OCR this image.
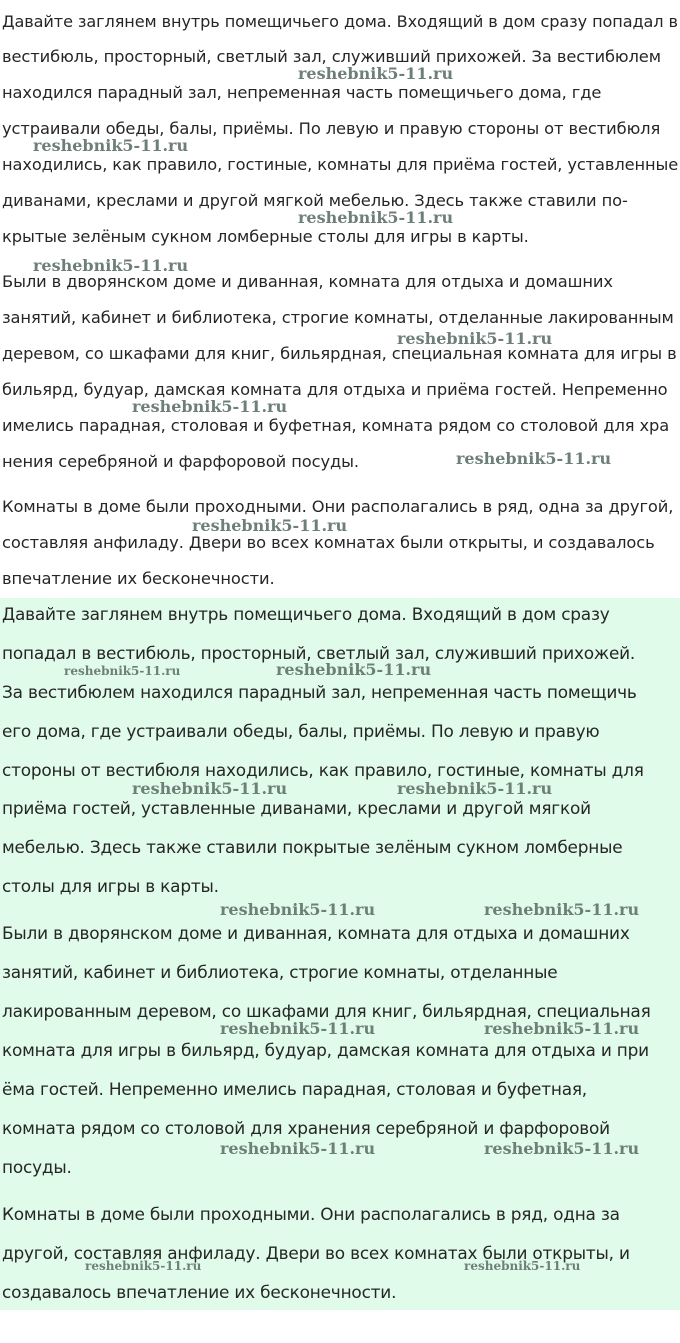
Давайте заглянем внутрь помещичьего дома. Входящий в дом сразу попадал в
вестибюль, просторный, светлый зал, служивший прихожей. За вестибюлем
находился парадный зал, непременная часть помещичьего дома, где
устраивали обеды, балы, приёмы. По левую и правую стороны от вестибюля
находились, как правило, гостиные, комнаты для приёма гостей, уставленные
диванами, креслами и другой мягкой мебелью. Здесь также ставили по-
крытые зелёным сукном ломберные столы для игры в карты.
Были в дворянском доме и диванная, комната для отдыха и домашних
занятий, кабинет и библиотека, строгие комнаты, отделанные лакированным
деревом, со шкафами для книг, бильярдная, специальная комната для игры в
бильярд, будуар, дамская комната для отдыха и приёма гостей. Непременно
имелись парадная, столовая и буфетная, комната рядом со столовой для хра
нения серебряной и фарфоровой посуды.
Комнаты в доме были проходными. Они располагались в ряд, одна за другой,
составляя анфиладу. Двери во всех комнатах были открыты, и создавалось
впечатление их бесконечности.
reshebnik5-11.ru
reshebnik5-11.ru
reshebnik5-11.ru
reshebnik5-11.ru
reshebnik5-11.ru
reshebnik5-11.ru
reshebnik5-11.ru
reshebnik5-11.ru
Давайте заглянем внутрь помещичьего дома. Входящий в дом сразу
попадал в вестибюль, просторный, светлый зал, служивший прихожей.
За вестибюлем находился парадный зал, непременная часть помещичь
его дома, где устраивали обеды, балы, приёмы. По левую и правую
стороны от вестибюля находились, как правило, гостиные, комнаты для
приёма гостей, уставленные диванами, креслами и другой мягкой
мебелью. Здесь также ставили покрытые зелёным сукном ломберные
столы для игры в карты.
Были в дворянском доме и диванная, комната для отдыха и домашних
занятий, кабинет и библиотека, строгие комнаты, отделанные
лакированным деревом, со шкафами для книг, бильярдная, специальная
комната для игры в бильярд, будуар, дамская комната для отдыха и при
ёма гостей. Непременно имелись парадная, столовая и буфетная,
комната рядом со столовой для хранения серебряной и фарфоровой
посуды.
Комнаты в доме были проходными. Они располагались в ряд, одна за
другой, составляя анфиладу. Двери во всех комнатах были открыты, и
создавалось впечатление их бесконечности.
reshebnik5-11.ru	reshebnik5-11.ru
reshebnik5-11.ru	reshebnik5-11.ru
reshebnik5-11.ru	reshebnik5-11.ru
reshebnik5-11.ru	reshebnik5-11.ru
reshebnik5-11.ru	reshebnik5-11.ru
reshebnik5-11.ru	reshebnik5-11.ru
